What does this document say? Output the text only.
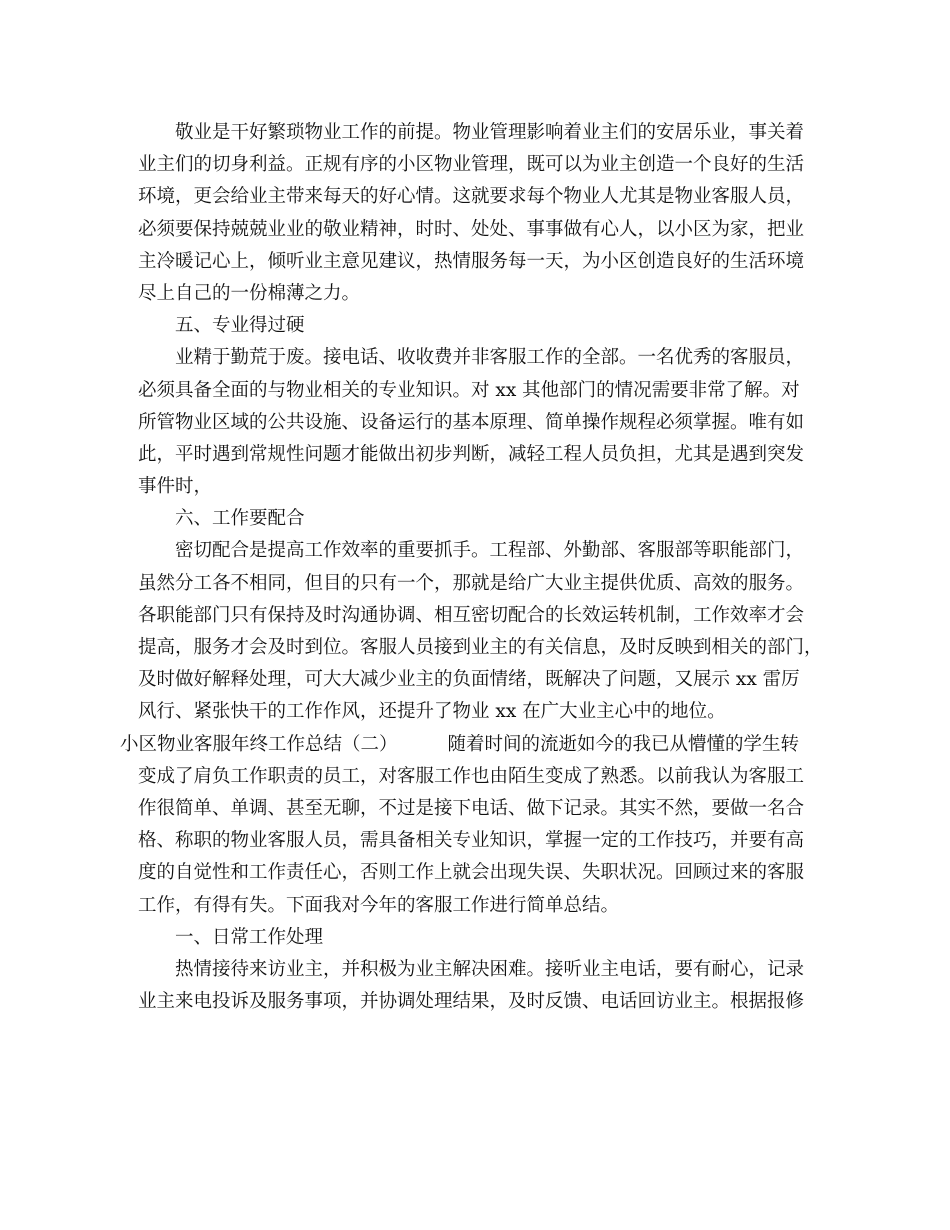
敬业是干好繁琐物业工作的前提。物业管理影响着业主们的安居乐业，事关着
业主们的切身利益。正规有序的小区物业管理，既可以为业主创造一个良好的生活
环境，更会给业主带来每天的好心情。这就要求每个物业人尤其是物业客服人员，
必须要保持兢兢业业的敬业精神，时时、处处、事事做有心人，以小区为家，把业
主冷暖记心上，倾听业主意见建议，热情服务每一天，为小区创造良好的生活环境
尽上自己的一份棉薄之力。
五、专业得过硬
业精于勤荒于废。接电话、收收费并非客服工作的全部。一名优秀的客服员，
必须具备全面的与物业相关的专业知识。对 xx 其他部门的情况需要非常了解。对
所管物业区域的公共设施、设备运行的基本原理、简单操作规程必须掌握。唯有如
此，平时遇到常规性问题才能做出初步判断，减轻工程人员负担，尤其是遇到突发
事件时，
六、工作要配合
密切配合是提高工作效率的重要抓手。工程部、外勤部、客服部等职能部门，
虽然分工各不相同，但目的只有一个，那就是给广大业主提供优质、高效的服务。
各职能部门只有保持及时沟通协调、相互密切配合的长效运转机制，工作效率才会
提高，服务才会及时到位。客服人员接到业主的有关信息，及时反映到相关的部门，
及时做好解释处理，可大大减少业主的负面情绪，既解决了问题，又展示 xx 雷厉
风行、紧张快干的工作作风，还提升了物业 xx 在广大业主心中的地位。
小区物业客服年终工作总结（二）	随着时间的流逝如今的我已从懵懂的学生转
变成了肩负工作职责的员工，对客服工作也由陌生变成了熟悉。以前我认为客服工
作很简单、单调、甚至无聊，不过是接下电话、做下记录。其实不然，要做一名合
格、称职的物业客服人员，需具备相关专业知识，掌握一定的工作技巧，并要有高
度的自觉性和工作责任心，否则工作上就会出现失误、失职状况。回顾过来的客服
工作，有得有失。下面我对今年的客服工作进行简单总结。
一、日常工作处理
热情接待来访业主，并积极为业主解决困难。接听业主电话，要有耐心，记录
业主来电投诉及服务事项，并协调处理结果，及时反馈、电话回访业主。根据报修
